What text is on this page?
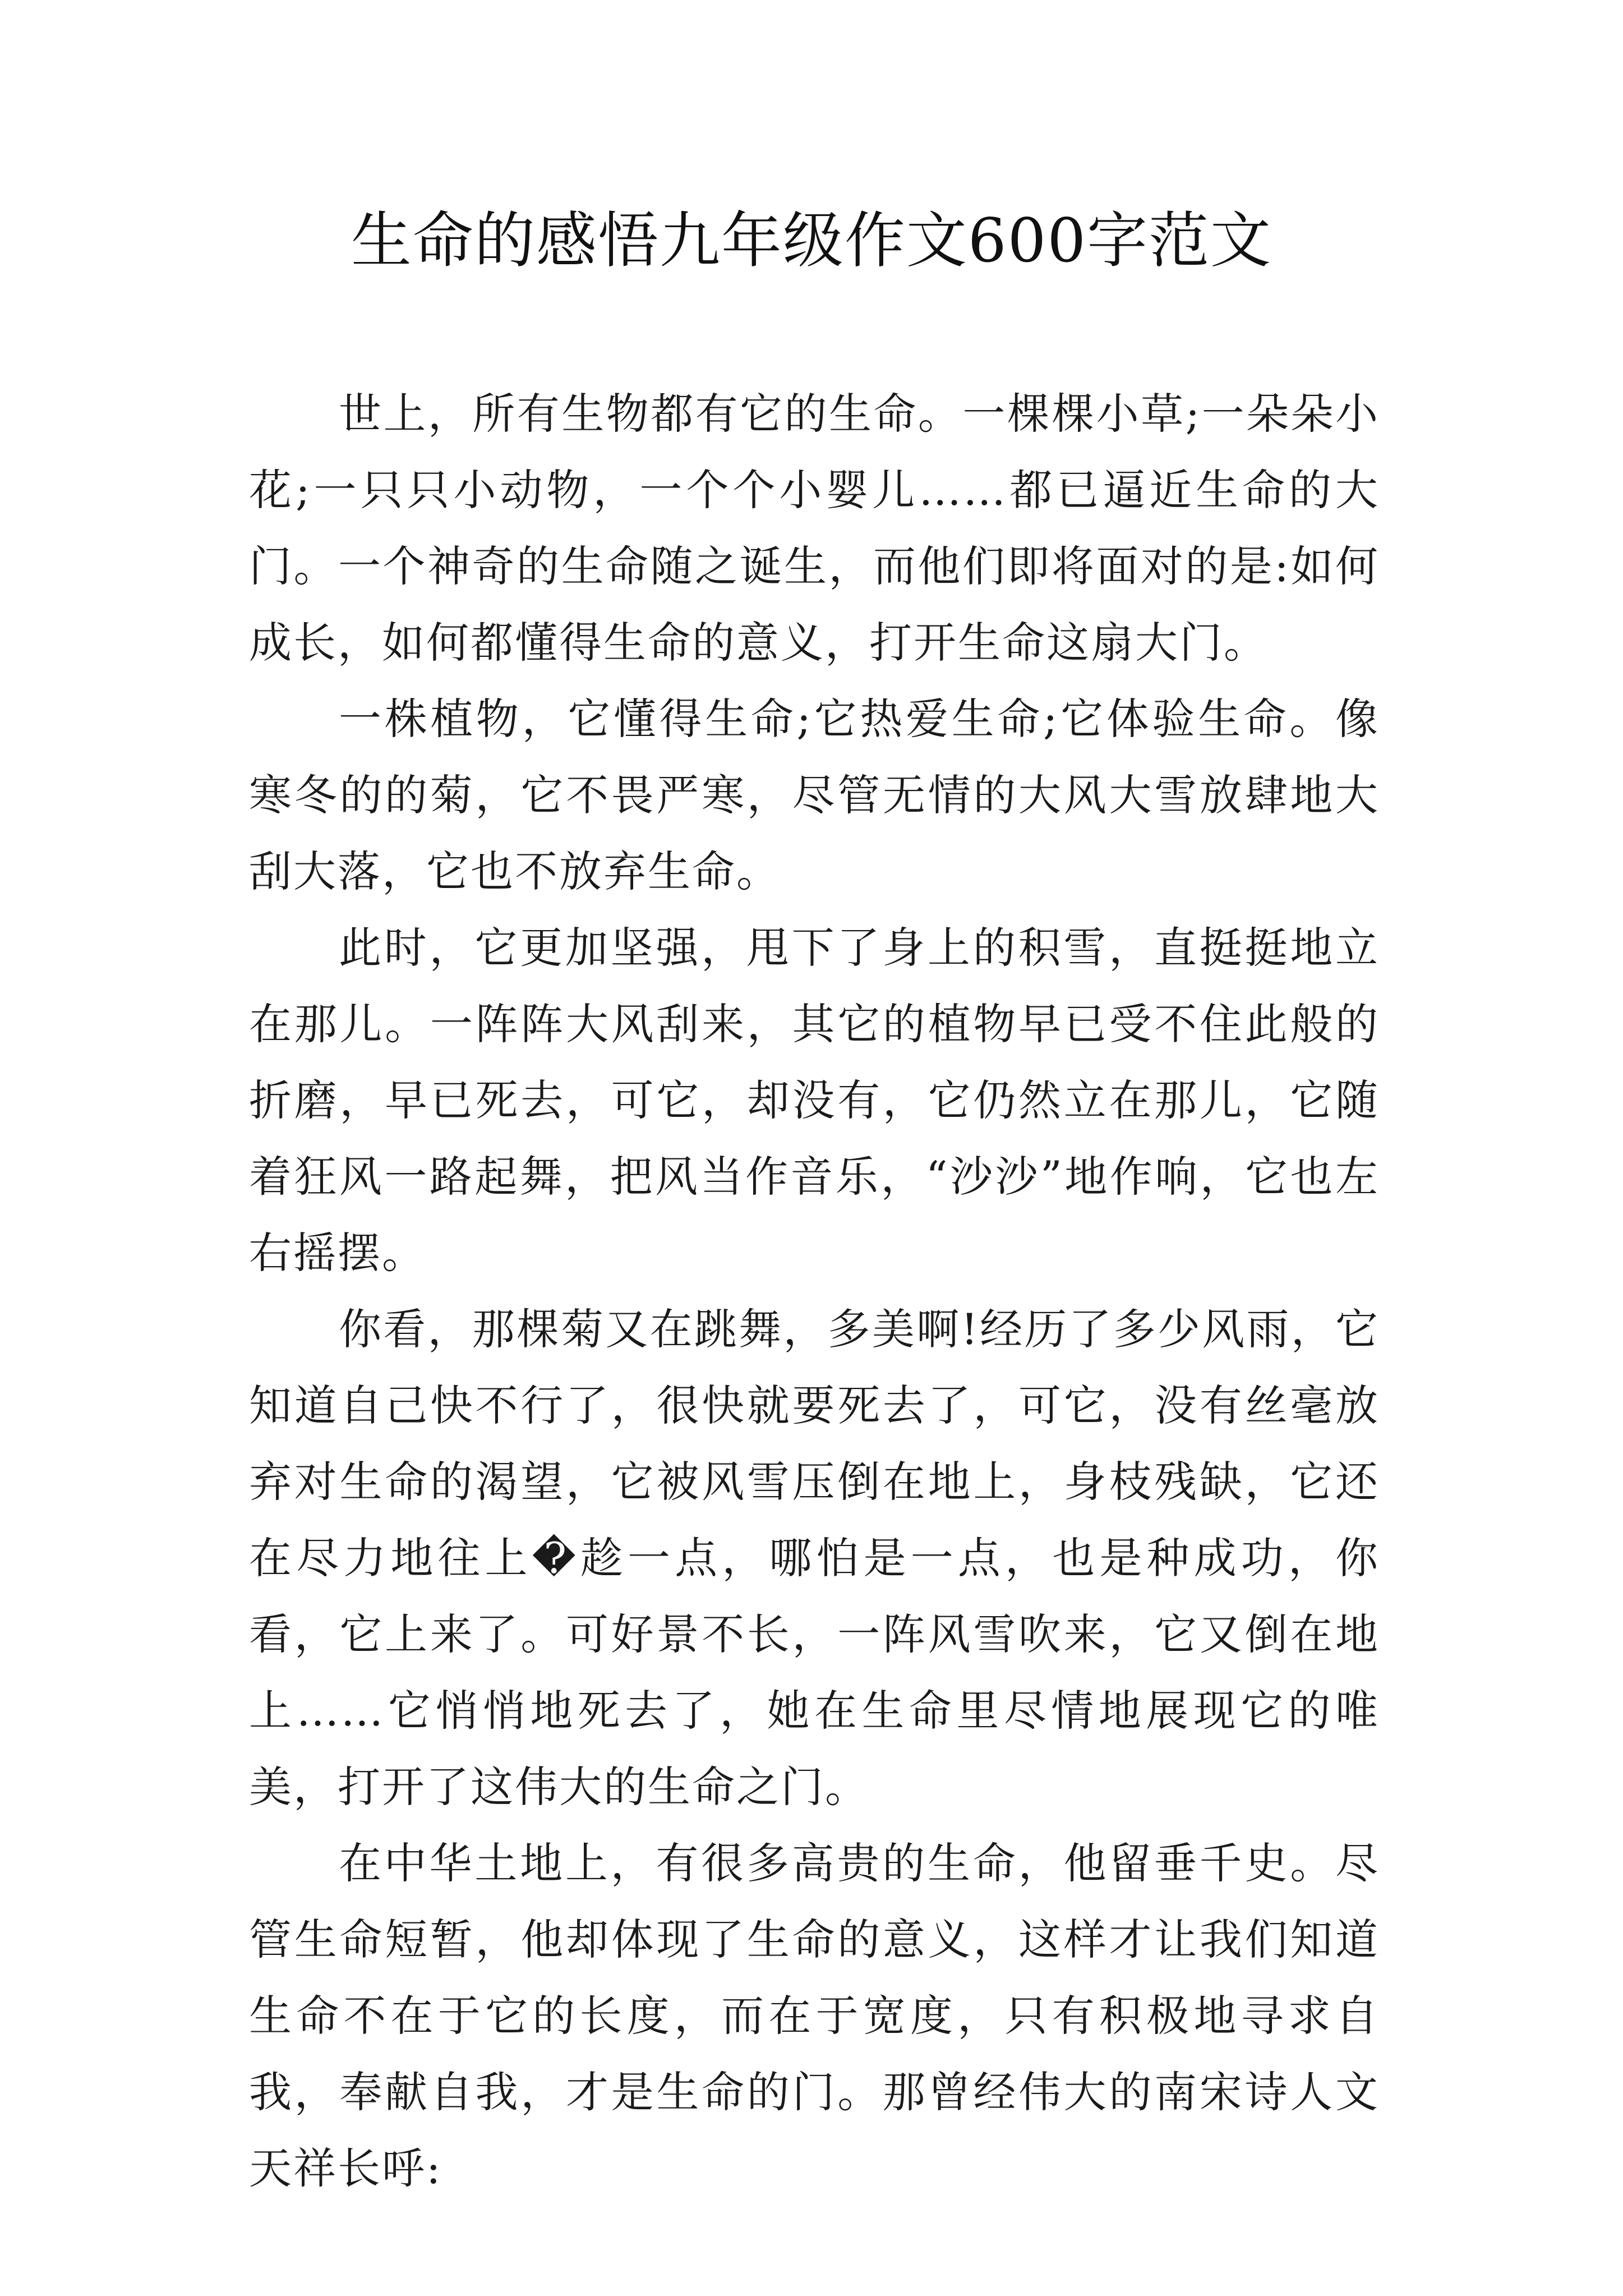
生命的感悟九年级作文600字范文

世上，所有生物都有它的生命。一棵棵小草;一朵朵小花;一只只小动物，一个个小婴儿……都已逼近生命的大门。一个神奇的生命随之诞生，而他们即将面对的是:如何成长，如何都懂得生命的意义，打开生命这扇大门。

一株植物，它懂得生命;它热爱生命;它体验生命。像寒冬的的菊，它不畏严寒，尽管无情的大风大雪放肆地大刮大落，它也不放弃生命。

此时，它更加坚强，甩下了身上的积雪，直挺挺地立在那儿。一阵阵大风刮来，其它的植物早已受不住此般的折磨，早已死去，可它，却没有，它仍然立在那儿，它随着狂风一路起舞，把风当作音乐，“沙沙”地作响，它也左右摇摆。

你看，那棵菊又在跳舞，多美啊!经历了多少风雨，它知道自己快不行了，很快就要死去了，可它，没有丝毫放弃对生命的渴望，它被风雪压倒在地上，身枝残缺，它还在尽力地往上�趁一点，哪怕是一点，也是种成功，你看，它上来了。可好景不长，一阵风雪吹来，它又倒在地上……它悄悄地死去了，她在生命里尽情地展现它的唯美，打开了这伟大的生命之门。

在中华土地上，有很多高贵的生命，他留垂千史。尽管生命短暂，他却体现了生命的意义，这样才让我们知道生命不在于它的长度，而在于宽度，只有积极地寻求自我，奉献自我，才是生命的门。那曾经伟大的南宋诗人文天祥长呼:
